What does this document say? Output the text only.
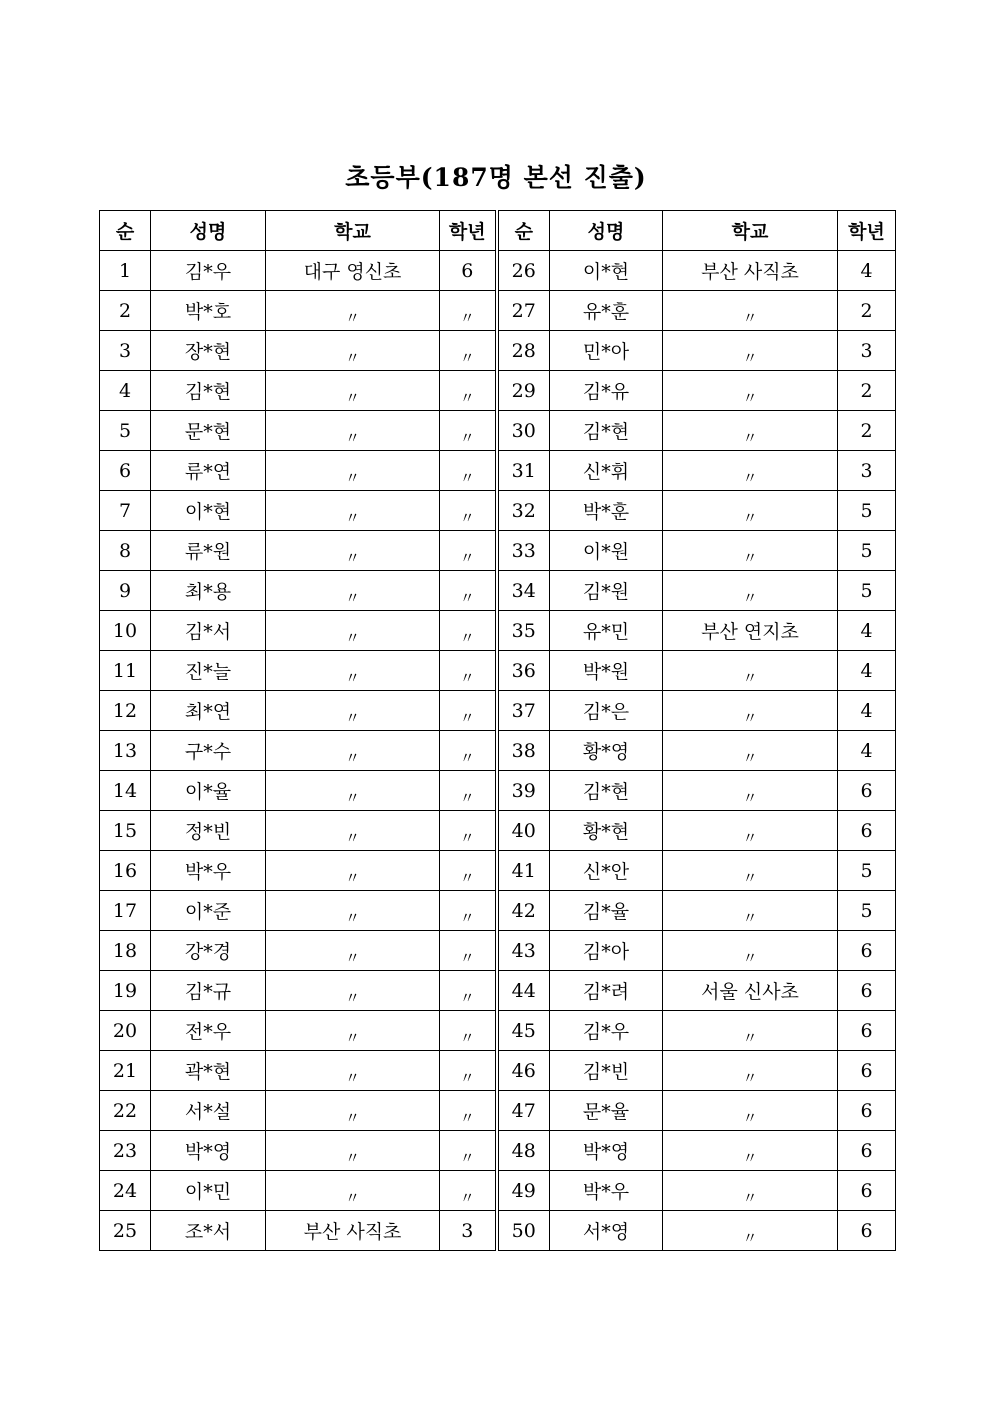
초등부(187명 본선 진출)
순	성명	학교	학년	순	성명	학교	학년
1	김*우	대구 영신초	6	26	이*현	부산 사직초	4
2	박*호	$_〃$	$_〃$	27	유*훈	$_〃$	2
3	장*현	$_〃$	$_〃$	28	민*아	$_〃$	3
4	김*현	$_〃$	$_〃$	29	김*유	$_〃$	2
5	문*현	$_〃$	$_〃$	30	김*현	$_〃$	2
6	류*연	$_〃$	$_〃$	31	신*휘	$_〃$	3
7	이*현	$_〃$	$_〃$	32	박*훈	$_〃$	5
8	류*원	$_〃$	$_〃$	33	이*원	$_〃$	5
9	최*용	$_〃$	$_〃$	34	김*원	$_〃$	5
10	김*서	$_〃$	$_〃$	35	유*민	부산 연지초	4
11	진*늘	$_〃$	$_〃$	36	박*원	$_〃$	4
12	최*연	$_〃$	$_〃$	37	김*은	$_〃$	4
13	구*수	$_〃$	$_〃$	38	황*영	$_〃$	4
14	이*율	$_〃$	$_〃$	39	김*현	$_〃$	6
15	정*빈	$_〃$	$_〃$	40	황*현	$_〃$	6
16	박*우	$_〃$	$_〃$	41	신*안	$_〃$	5
17	이*준	$_〃$	$_〃$	42	김*율	$_〃$	5
18	강*경	$_〃$	$_〃$	43	김*아	$_〃$	6
19	김*규	$_〃$	$_〃$	44	김*려	서울 신사초	6
20	전*우	$_〃$	$_〃$	45	김*우	$_〃$	6
21	곽*현	$_〃$	$_〃$	46	김*빈	$_〃$	6
22	서*설	$_〃$	$_〃$	47	문*율	$_〃$	6
23	박*영	$_〃$	$_〃$	48	박*영	$_〃$	6
24	이*민	$_〃$	$_〃$	49	박*우	$_〃$	6
25	조*서	부산 사직초	3	50	서*영	$_〃$	6
